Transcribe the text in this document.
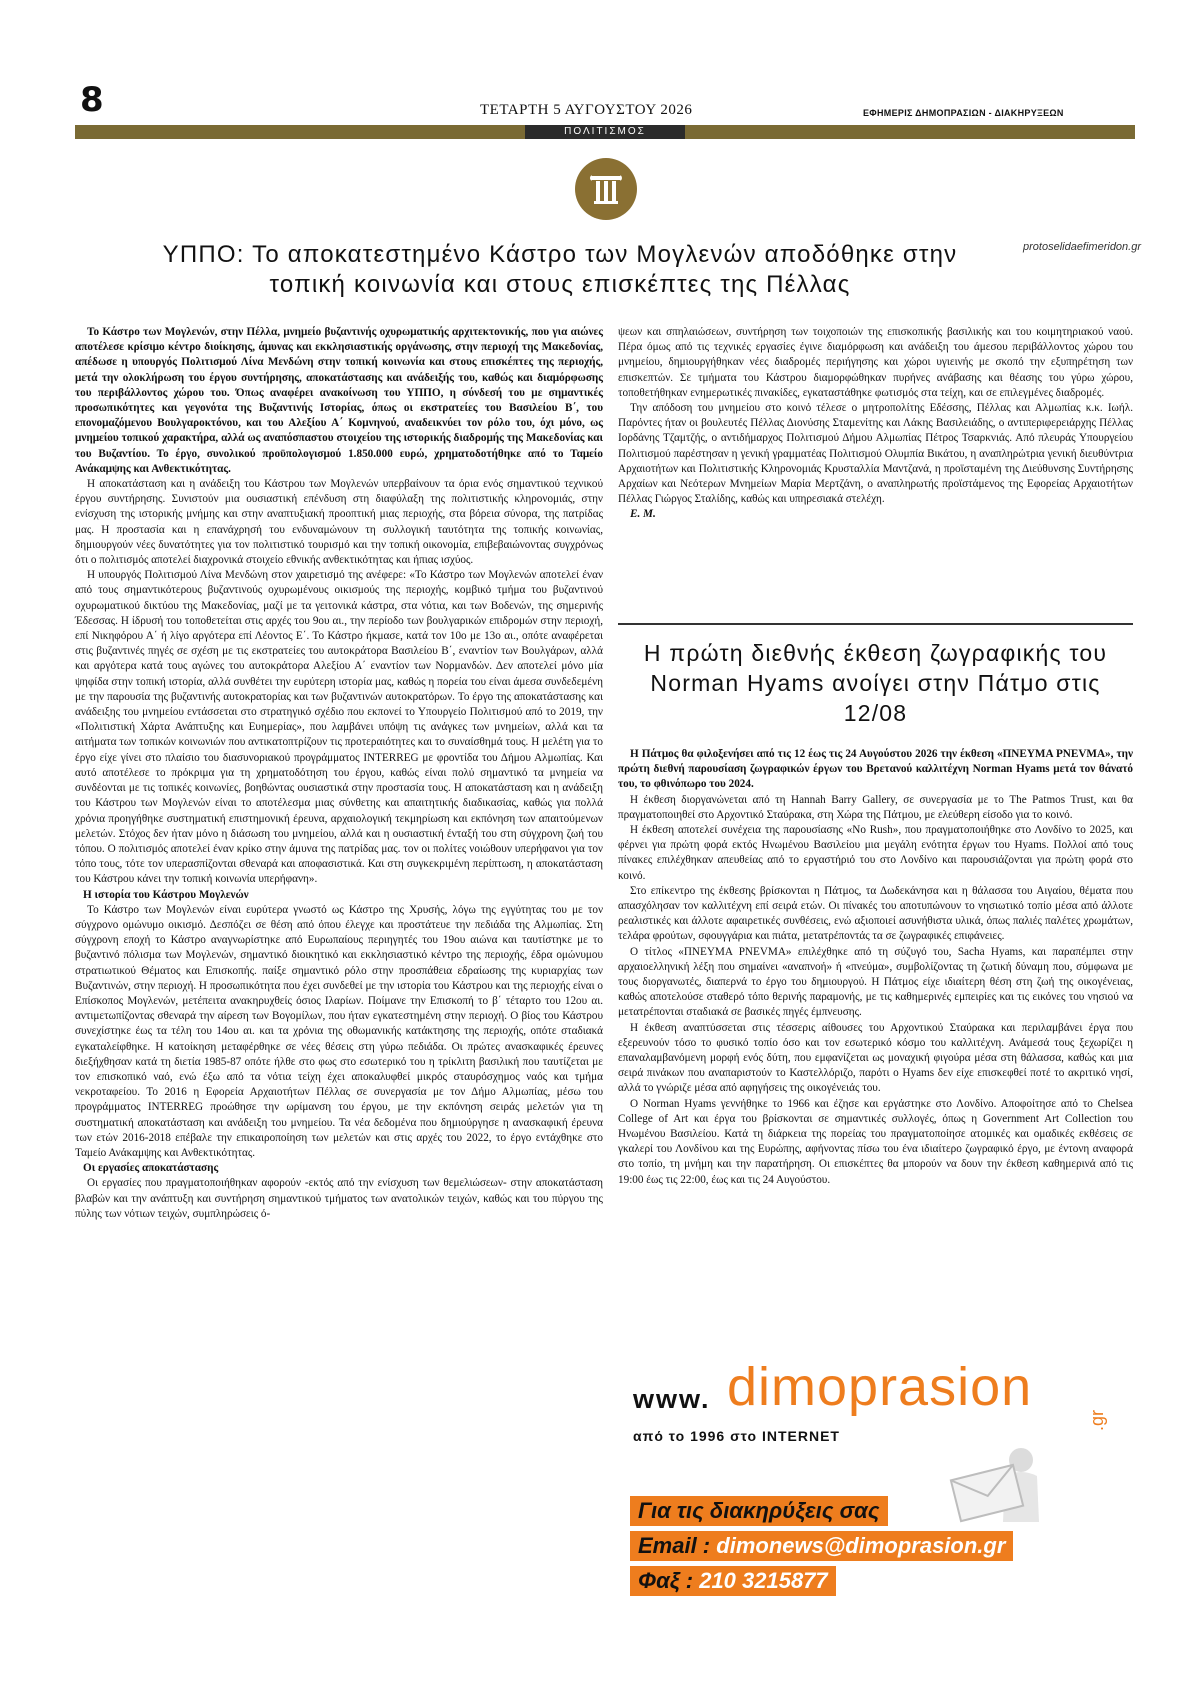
8	ΤΕΤΑΡΤΗ 5 ΑΥΓΟΥΣΤΟΥ 2026	ΕΦΗΜΕΡΙΣ ΔΗΜΟΠΡΑΣΙΩΝ - ΔΙΑΚΗΡΥΞΕΩΝ
ΠΟΛΙΤΙΣΜΟΣ
protoselidaefimeridon.gr
ΥΠΠΟ: Το αποκατεστημένο Κάστρο των Μογλενών αποδόθηκε στην τοπική κοινωνία και στους επισκέπτες της Πέλλας

Το Κάστρο των Μογλενών, στην Πέλλα, μνημείο βυζαντινής οχυρωματικής αρχιτεκτονικής, που για αιώνες αποτέλεσε κρίσιμο κέντρο διοίκησης, άμυνας και εκκλησιαστικής οργάνωσης, στην περιοχή της Μακεδονίας, απέδωσε η υπουργός Πολιτισμού Λίνα Μενδώνη στην τοπική κοινωνία και στους επισκέπτες της περιοχής, μετά την ολοκλήρωση του έργου συντήρησης, αποκατάστασης και ανάδειξής του, καθώς και διαμόρφωσης του περιβάλλοντος χώρου του. Όπως αναφέρει ανακοίνωση του ΥΠΠΟ, η σύνδεσή του με σημαντικές προσωπικότητες και γεγονότα της Βυζαντινής Ιστορίας, όπως οι εκστρατείες του Βασιλείου Β΄, του επονομαζόμενου Βουλγαροκτόνου, και του Αλεξίου Α΄ Κομνηνού, αναδεικνύει τον ρόλο του, όχι μόνο, ως μνημείου τοπικού χαρακτήρα, αλλά ως αναπόσπαστου στοιχείου της ιστορικής διαδρομής της Μακεδονίας και του Βυζαντίου. Το έργο, συνολικού προϋπολογισμού 1.850.000 ευρώ, χρηματοδοτήθηκε από το Ταμείο Ανάκαμψης και Ανθεκτικότητας.

Η αποκατάσταση και η ανάδειξη του Κάστρου των Μογλενών υπερβαίνουν τα όρια ενός σημαντικού τεχνικού έργου συντήρησης. Συνιστούν μια ουσιαστική επένδυση στη διαφύλαξη της πολιτιστικής κληρονομιάς, στην ενίσχυση της ιστορικής μνήμης και στην αναπτυξιακή προοπτική μιας περιοχής, στα βόρεια σύνορα, της πατρίδας μας. Η προστασία και η επανάχρησή του ενδυναμώνουν τη συλλογική ταυτότητα της τοπικής κοινωνίας, δημιουργούν νέες δυνατότητες για τον πολιτιστικό τουρισμό και την τοπική οικονομία, επιβεβαιώνοντας συγχρόνως ότι ο πολιτισμός αποτελεί διαχρονικά στοιχείο εθνικής ανθεκτικότητας και ήπιας ισχύος.

Η υπουργός Πολιτισμού Λίνα Μενδώνη στον χαιρετισμό της ανέφερε: «Το Κάστρο των Μογλενών αποτελεί έναν από τους σημαντικότερους βυζαντινούς οχυρωμένους οικισμούς της περιοχής, κομβικό τμήμα του βυζαντινού οχυρωματικού δικτύου της Μακεδονίας, μαζί με τα γειτονικά κάστρα, στα νότια, και των Βοδενών, της σημερινής Έδεσσας. Η ίδρυσή του τοποθετείται στις αρχές του 9ου αι., την περίοδο των βουλγαρικών επιδρομών στην περιοχή, επί Νικηφόρου Α΄ ή λίγο αργότερα επί Λέοντος Ε΄. Το Κάστρο ήκμασε, κατά τον 10ο με 13ο αι., οπότε αναφέρεται στις βυζαντινές πηγές σε σχέση με τις εκστρατείες του αυτοκράτορα Βασιλείου Β΄, εναντίον των Βουλγάρων, αλλά και αργότερα κατά τους αγώνες του αυτοκράτορα Αλεξίου Α΄ εναντίον των Νορμανδών. Δεν αποτελεί μόνο μία ψηφίδα στην τοπική ιστορία, αλλά συνθέτει την ευρύτερη ιστορία μας, καθώς η πορεία του είναι άμεσα συνδεδεμένη με την παρουσία της βυζαντινής αυτοκρατορίας και των βυζαντινών αυτοκρατόρων. Το έργο της αποκατάστασης και ανάδειξης του μνημείου εντάσσεται στο στρατηγικό σχέδιο που εκπονεί το Υπουργείο Πολιτισμού από το 2019, την «Πολιτιστική Χάρτα Ανάπτυξης και Ευημερίας», που λαμβάνει υπόψη τις ανάγκες των μνημείων, αλλά και τα αιτήματα των τοπικών κοινωνιών που αντικατοπτρίζουν τις προτεραιότητες και το συναίσθημά τους. Η μελέτη για το έργο είχε γίνει στο πλαίσιο του διασυνοριακού προγράμματος INTERREG με φροντίδα του Δήμου Αλμωπίας. Και αυτό αποτέλεσε το πρόκριμα για τη χρηματοδότηση του έργου, καθώς είναι πολύ σημαντικό τα μνημεία να συνδέονται με τις τοπικές κοινωνίες, βοηθώντας ουσιαστικά στην προστασία τους. Η αποκατάσταση και η ανάδειξη του Κάστρου των Μογλενών είναι το αποτέλεσμα μιας σύνθετης και απαιτητικής διαδικασίας, καθώς για πολλά χρόνια προηγήθηκε συστηματική επιστημονική έρευνα, αρχαιολογική τεκμηρίωση και εκπόνηση των απαιτούμενων μελετών. Στόχος δεν ήταν μόνο η διάσωση του μνημείου, αλλά και η ουσιαστική ένταξή του στη σύγχρονη ζωή του τόπου. Ο πολιτισμός αποτελεί έναν κρίκο στην άμυνα της πατρίδας μας. τον οι πολίτες νοιώθουν υπερήφανοι για τον τόπο τους, τότε τον υπερασπίζονται σθεναρά και αποφασιστικά. Και στη συγκεκριμένη περίπτωση, η αποκατάσταση του Κάστρου κάνει την τοπική κοινωνία υπερήφανη».

Η ιστορία του Κάστρου Μογλενών

Το Κάστρο των Μογλενών είναι ευρύτερα γνωστό ως Κάστρο της Χρυσής, λόγω της εγγύτητας του με τον σύγχρονο ομώνυμο οικισμό. Δεσπόζει σε θέση από όπου έλεγχε και προστάτευε την πεδιάδα της Αλμωπίας. Στη σύγχρονη εποχή το Κάστρο αναγνωρίστηκε από Ευρωπαίους περιηγητές του 19ου αιώνα και ταυτίστηκε με το βυζαντινό πόλισμα των Μογλενών, σημαντικό διοικητικό και εκκλησιαστικό κέντρο της περιοχής, έδρα ομώνυμου στρατιωτικού Θέματος και Επισκοπής. παίξε σημαντικό ρόλο στην προσπάθεια εδραίωσης της κυριαρχίας των Βυζαντινών, στην περιοχή. Η προσωπικότητα που έχει συνδεθεί με την ιστορία του Κάστρου και της περιοχής είναι ο Επίσκοπος Μογλενών, μετέπειτα ανακηρυχθείς όσιος Ιλαρίων. Ποίμανε την Επισκοπή το β΄ τέταρτο του 12ου αι. αντιμετωπίζοντας σθεναρά την αίρεση των Βογομίλων, που ήταν εγκατεστημένη στην περιοχή. Ο βίος του Κάστρου συνεχίστηκε έως τα τέλη του 14ου αι. και τα χρόνια της οθωμανικής κατάκτησης της περιοχής, οπότε σταδιακά εγκαταλείφθηκε. Η κατοίκηση μεταφέρθηκε σε νέες θέσεις στη γύρω πεδιάδα. Οι πρώτες ανασκαφικές έρευνες διεξήχθησαν κατά τη διετία 1985-87 οπότε ήλθε στο φως στο εσωτερικό του η τρίκλιτη βασιλική που ταυτίζεται με τον επισκοπικό ναό, ενώ έξω από τα νότια τείχη έχει αποκαλυφθεί μικρός σταυρόσχημος ναός και τμήμα νεκροταφείου. Το 2016 η Εφορεία Αρχαιοτήτων Πέλλας σε συνεργασία με τον Δήμο Αλμωπίας, μέσω του προγράμματος INTERREG προώθησε την ωρίμανση του έργου, με την εκπόνηση σειράς μελετών για τη συστηματική αποκατάσταση και ανάδειξη του μνημείου. Τα νέα δεδομένα που δημιούργησε η ανασκαφική έρευνα των ετών 2016-2018 επέβαλε την επικαιροποίηση των μελετών και στις αρχές του 2022, το έργο εντάχθηκε στο Ταμείο Ανάκαμψης και Ανθεκτικότητας.

Οι εργασίες αποκατάστασης

Οι εργασίες που πραγματοποιήθηκαν αφορούν -εκτός από την ενίσχυση των θεμελιώσεων- στην αποκατάσταση βλαβών και την ανάπτυξη και συντήρηση σημαντικού τμήματος των ανατολικών τειχών, καθώς και του πύργου της πύλης των νότιων τειχών, συμπληρώσεις ό-

ψεων και σπηλαιώσεων, συντήρηση των τοιχοποιών της επισκοπικής βασιλικής και του κοιμητηριακού ναού. Πέρα όμως από τις τεχνικές εργασίες έγινε διαμόρφωση και ανάδειξη του άμεσου περιβάλλοντος χώρου του μνημείου, δημιουργήθηκαν νέες διαδρομές περιήγησης και χώροι υγιεινής με σκοπό την εξυπηρέτηση των επισκεπτών. Σε τμήματα του Κάστρου διαμορφώθηκαν πυρήνες ανάβασης και θέασης του γύρω χώρου, τοποθετήθηκαν ενημερωτικές πινακίδες, εγκαταστάθηκε φωτισμός στα τείχη, και σε επιλεγμένες διαδρομές.

Την απόδοση του μνημείου στο κοινό τέλεσε ο μητροπολίτης Εδέσσης, Πέλλας και Αλμωπίας κ.κ. Ιωήλ. Παρόντες ήταν οι βουλευτές Πέλλας Διονύσης Σταμενίτης και Λάκης Βασιλειάδης, ο αντιπεριφερειάρχης Πέλλας Ιορδάνης Τζαμτζής, ο αντιδήμαρχος Πολιτισμού Δήμου Αλμωπίας Πέτρος Τσαρκνιάς. Από πλευράς Υπουργείου Πολιτισμού παρέστησαν η γενική γραμματέας Πολιτισμού Ολυμπία Βικάτου, η αναπληρώτρια γενική διευθύντρια Αρχαιοτήτων και Πολιτιστικής Κληρονομιάς Κρυσταλλία Μαντζανά, η προϊσταμένη της Διεύθυνσης Συντήρησης Αρχαίων και Νεότερων Μνημείων Μαρία Μερτζάνη, ο αναπληρωτής προϊστάμενος της Εφορείας Αρχαιοτήτων Πέλλας Γιώργος Σταλίδης, καθώς και υπηρεσιακά στελέχη.

Ε. Μ.

Η πρώτη διεθνής έκθεση ζωγραφικής του Norman Hyams ανοίγει στην Πάτμο στις 12/08

Η Πάτμος θα φιλοξενήσει από τις 12 έως τις 24 Αυγούστου 2026 την έκθεση «ΠΝΕΥΜΑ PNEVMA», την πρώτη διεθνή παρουσίαση ζωγραφικών έργων του Βρετανού καλλιτέχνη Norman Hyams μετά τον θάνατό του, το φθινόπωρο του 2024.

Η έκθεση διοργανώνεται από τη Hannah Barry Gallery, σε συνεργασία με το The Patmos Trust, και θα πραγματοποιηθεί στο Αρχοντικό Σταύρακα, στη Χώρα της Πάτμου, με ελεύθερη είσοδο για το κοινό.

Η έκθεση αποτελεί συνέχεια της παρουσίασης «No Rush», που πραγματοποιήθηκε στο Λονδίνο το 2025, και φέρνει για πρώτη φορά εκτός Ηνωμένου Βασιλείου μια μεγάλη ενότητα έργων του Hyams. Πολλοί από τους πίνακες επιλέχθηκαν απευθείας από το εργαστήριό του στο Λονδίνο και παρουσιάζονται για πρώτη φορά στο κοινό.

Στο επίκεντρο της έκθεσης βρίσκονται η Πάτμος, τα Δωδεκάνησα και η θάλασσα του Αιγαίου, θέματα που απασχόλησαν τον καλλιτέχνη επί σειρά ετών. Οι πίνακές του αποτυπώνουν το νησιωτικό τοπίο μέσα από άλλοτε ρεαλιστικές και άλλοτε αφαιρετικές συνθέσεις, ενώ αξιοποιεί ασυνήθιστα υλικά, όπως παλιές παλέτες χρωμάτων, τελάρα φρούτων, σφουγγάρια και πιάτα, μετατρέποντάς τα σε ζωγραφικές επιφάνειες.

Ο τίτλος «ΠΝΕΥΜΑ PNEVMA» επιλέχθηκε από τη σύζυγό του, Sacha Hyams, και παραπέμπει στην αρχαιοελληνική λέξη που σημαίνει «αναπνοή» ή «πνεύμα», συμβολίζοντας τη ζωτική δύναμη που, σύμφωνα με τους διοργανωτές, διαπερνά το έργο του δημιουργού. Η Πάτμος είχε ιδιαίτερη θέση στη ζωή της οικογένειας, καθώς αποτελούσε σταθερό τόπο θερινής παραμονής, με τις καθημερινές εμπειρίες και τις εικόνες του νησιού να μετατρέπονται σταδιακά σε βασικές πηγές έμπνευσης.

Η έκθεση αναπτύσσεται στις τέσσερις αίθουσες του Αρχοντικού Σταύρακα και περιλαμβάνει έργα που εξερευνούν τόσο το φυσικό τοπίο όσο και τον εσωτερικό κόσμο του καλλιτέχνη. Ανάμεσά τους ξεχωρίζει η επαναλαμβανόμενη μορφή ενός δύτη, που εμφανίζεται ως μοναχική φιγούρα μέσα στη θάλασσα, καθώς και μια σειρά πινάκων που αναπαριστούν το Καστελλόριζο, παρότι ο Hyams δεν είχε επισκεφθεί ποτέ το ακριτικό νησί, αλλά το γνώριζε μέσα από αφηγήσεις της οικογένειάς του.

Ο Norman Hyams γεννήθηκε το 1966 και έζησε και εργάστηκε στο Λονδίνο. Αποφοίτησε από το Chelsea College of Art και έργα του βρίσκονται σε σημαντικές συλλογές, όπως η Government Art Collection του Ηνωμένου Βασιλείου. Κατά τη διάρκεια της πορείας του πραγματοποίησε ατομικές και ομαδικές εκθέσεις σε γκαλερί του Λονδίνου και της Ευρώπης, αφήνοντας πίσω του ένα ιδιαίτερο ζωγραφικό έργο, με έντονη αναφορά στο τοπίο, τη μνήμη και την παρατήρηση. Οι επισκέπτες θα μπορούν να δουν την έκθεση καθημερινά από τις 19:00 έως τις 22:00, έως και τις 24 Αυγούστου.

www. dimoprasion
.gr
από το 1996 στο INTERNET
Για τις διακηρύξεις σας
Email : dimonews@dimoprasion.gr
Φαξ : 210 3215877
